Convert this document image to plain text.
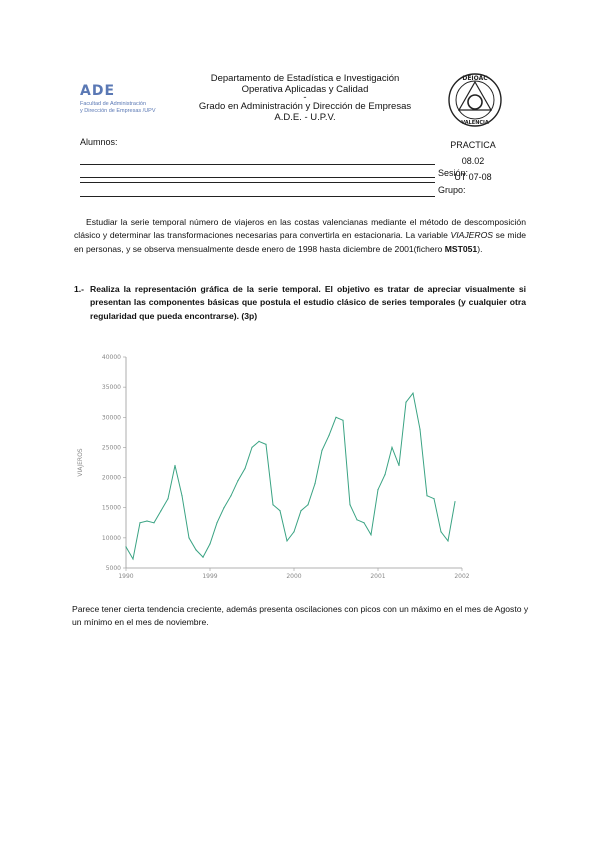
ADE
Facultad de Administración
y Dirección de Empresas /UPV
Departamento de Estadística e Investigación
Operativa Aplicadas y Calidad
-
Grado en Administración y Dirección de Empresas
A.D.E. - U.P.V.
DEIOAC
VALENCIA
Alumnos:	PRACTICA 08.02
UT 07-08
Sesión:
Grupo:
Estudiar la serie temporal número de viajeros en las costas valencianas mediante el método de descomposición clásico y determinar las transformaciones necesarias para convertirla en estacionaria. La variable VIAJEROS se mide en personas, y se observa mensualmente desde enero de 1998 hasta diciembre de 2001(fichero MST051).
1.- Realiza la representación gráfica de la serie temporal. El objetivo es tratar de apreciar visualmente si presentan las componentes básicas que postula el estudio clásico de series temporales (y cualquier otra regularidad que pueda encontrarse). (3p)
5000
10000
15000
20000
25000
30000
35000
40000
1990	1999	2000	2001	2002
VIAJEROS
Parece tener cierta tendencia creciente, además presenta oscilaciones con picos con un máximo en el mes de Agosto y un mínimo en el mes de noviembre.
